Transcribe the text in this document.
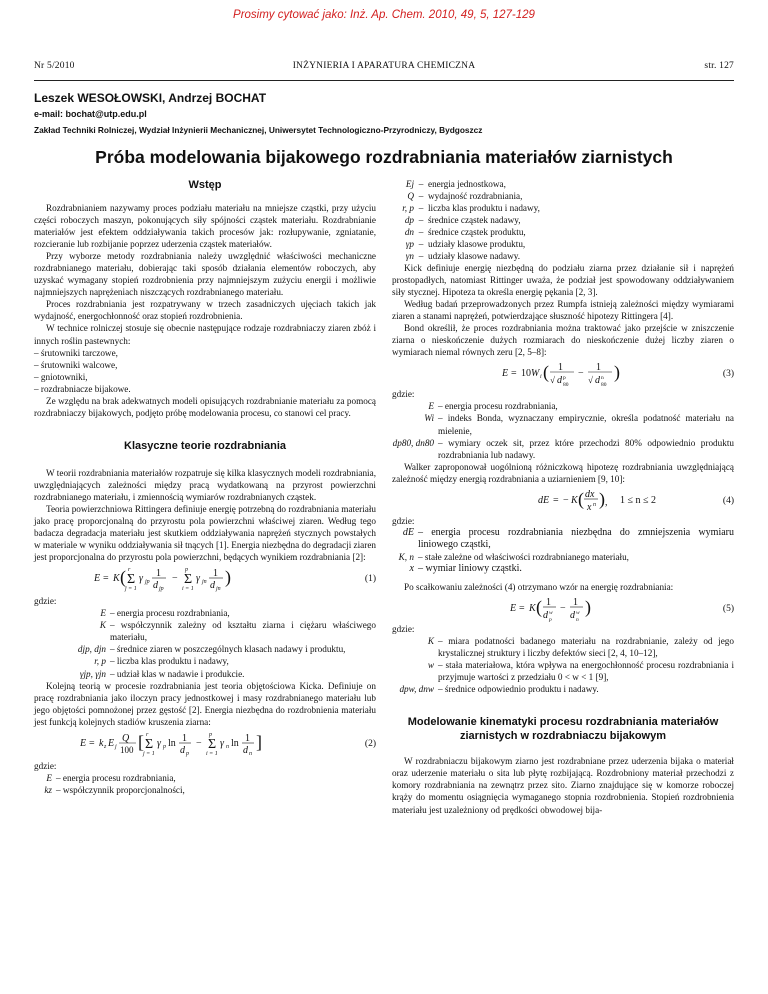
Prosimy cytować jako: Inż. Ap. Chem. 2010, 49, 5, 127-129
Nr 5/2010	INŻYNIERIA I APARATURA CHEMICZNA	str. 127
Leszek WESOŁOWSKI, Andrzej BOCHAT
e-mail: bochat@utp.edu.pl
Zakład Techniki Rolniczej, Wydział Inżynierii Mechanicznej, Uniwersytet Technologiczno-Przyrodniczy, Bydgoszcz
Próba modelowania bijakowego rozdrabniania materiałów ziarnistych
Wstęp

Rozdrabnianiem nazywamy proces podziału materiału na mniejsze cząstki, przy użyciu części roboczych maszyn, pokonujących siły spójności cząstek materiału. Rozdrabnianie materiałów jest efektem oddziaływania takich procesów jak: rozłupywanie, zgniatanie, rozcieranie lub rozbijanie poprzez uderzenia cząstek materiałów.

Przy wyborze metody rozdrabniania należy uwzględnić właściwości mechaniczne rozdrabnianego materiału, dobierając taki sposób działania elementów roboczych, aby uzyskać wymagany stopień rozdrobnienia przy najmniejszym zużyciu energii i możliwie najmniejszych naprężeniach niszczących rozdrabnianego materiału.

Proces rozdrabniania jest rozpatrywany w trzech zasadniczych ujęciach takich jak wydajność, energochłonność oraz stopień rozdrobnienia.

W technice rolniczej stosuje się obecnie następujące rodzaje rozdrabniaczy ziaren zbóż i innych roślin pastewnych:

– śrutowniki tarczowe,
– śrutowniki walcowe,
– gniotowniki,
– rozdrabniacze bijakowe.

Ze względu na brak adekwatnych modeli opisujących rozdrabnianie materiału za pomocą rozdrabniaczy bijakowych, podjęto próbę modelowania procesu, co stanowi cel pracy.

Klasyczne teorie rozdrabniania

W teorii rozdrabniania materiałów rozpatruje się kilka klasycznych modeli rozdrabniania, uwzględniających zależności między pracą wydatkowaną na przyrost powierzchni rozdrabnianego materiału, i zmiennością wymiarów rozdrabnianych cząstek.

Teoria powierzchniowa Rittingera definiuje energię potrzebną do rozdrabniania materiału jako pracę proporcjonalną do przyrostu pola powierzchni właściwej ziaren. Według tego badacza degradacja materiału jest skutkiem oddziaływania naprężeń stycznych powstałych w materiale w wyniku oddziaływania sił tnących [1]. Energia niezbędna do degradacji ziaren jest proporcjonalna do przyrostu pola powierzchni, będących wynikiem rozdrabniania [2]:

E = K ( Σ
r
j = 1
γ jp
1
d jp
− Σ
p
i = 1
γ jn
1
d jn
)	(1)

gdzie:

E – energia procesu rozdrabniania,
K – współczynnik zależny od kształtu ziarna i ciężaru właściwego materiału,
djp, djn – średnice ziaren w poszczególnych klasach nadawy i produktu,
r, p – liczba klas produktu i nadawy,
γjp, γjn – udział klas w nadawie i produkcie.

Kolejną teorią w procesie rozdrabniania jest teoria objętościowa Kicka. Definiuje on pracę rozdrabniania jako iloczyn pracy jednostkowej i masy rozdrabnianego materiału lub jego objętości pomnożonej przez gęstość [2]. Energia niezbędna do rozdrobnienia materiału jest funkcją kolejnych stadiów kruszenia ziarna:

E = k z E j
Q
100 [ Σ
r
j = 1
γ p ln 1
d p
− Σ
p
i = 1
γ n ln 1
d n
]	(2)

gdzie:

E – energia procesu rozdrabniania,
kz – współczynnik proporcjonalności,
Ej – energia jednostkowa,
Q – wydajność rozdrabniania,
r, p – liczba klas produktu i nadawy,
dp – średnice cząstek nadawy,
dn – średnice cząstek produktu,
γp – udziały klasowe produktu,
γn – udziały klasowe nadawy.

Kick definiuje energię niezbędną do podziału ziarna przez działanie sił i naprężeń prostopadłych, natomiast Rittinger uważa, że podział jest spowodowany oddziaływaniem siły stycznej. Hipoteza ta określa energię pękania [2, 3].

Według badań przeprowadzonych przez Rumpfa istnieją zależności między wymiarami ziaren a stanami naprężeń, potwierdzające słuszność hipotezy Rittingera [4].

Bond określił, że proces rozdrabniania można traktować jako przejście w zniszczenie ziarna o nieskończenie dużych rozmiarach do nieskończenie dużej liczby ziaren o wymiarach niemal równych zeru [2, 5–8]:

E = 10 W i ( 1
√ d p
80
−
1
√ d n
80
)	(3)

gdzie:

E – energia procesu rozdrabniania,
Wi – indeks Bonda, wyznaczany empirycznie, określa podatność materiału na mielenie,
dp80, dn80 – wymiary oczek sit, przez które przechodzi 80% odpowiednio produktu rozdrabniania lub nadawy.

Walker zaproponował uogólnioną różniczkową hipotezę rozdrabniania uwzględniającą zależność między energią rozdrabniania a uziarnieniem [9, 10]:

dE = − K ( dx
x n ) , 1 ≤ n ≤ 2	(4)

gdzie:

dE – energia procesu rozdrabniania niezbędna do zmniejszenia wymiaru liniowego cząstki,
K, n – stałe zależne od właściwości rozdrabnianego materiału,
x – wymiar liniowy cząstki.

Po scałkowaniu zależności (4) otrzymano wzór na energię rozdrabniania:

E = K ( 1
d w
p
−
1
d w
n
)	(5)

gdzie:

K – miara podatności badanego materiału na rozdrabnianie, zależy od jego krystalicznej struktury i liczby defektów sieci [2, 4, 10–12],
w – stała materiałowa, która wpływa na energochłonność procesu rozdrabniania i przyjmuje wartości z przedziału 0 < w < 1 [9],
dpw, dnw – średnice odpowiednio produktu i nadawy.
Modelowanie kinematyki procesu rozdrabniania materiałów ziarnistych w rozdrabniaczu bijakowym

W rozdrabniaczu bijakowym ziarno jest rozdrabniane przez uderzenia bijaka o materiał oraz uderzenie materiału o sita lub płytę rozbijającą. Rozdrobniony materiał przechodzi z komory rozdrabniania na zewnątrz przez sito. Ziarno znajdujące się w komorze roboczej krąży do momentu osiągnięcia wymaganego stopnia rozdrobnienia. Stopień rozdrobnienia materiału jest uzależniony od prędkości obwodowej bija-
